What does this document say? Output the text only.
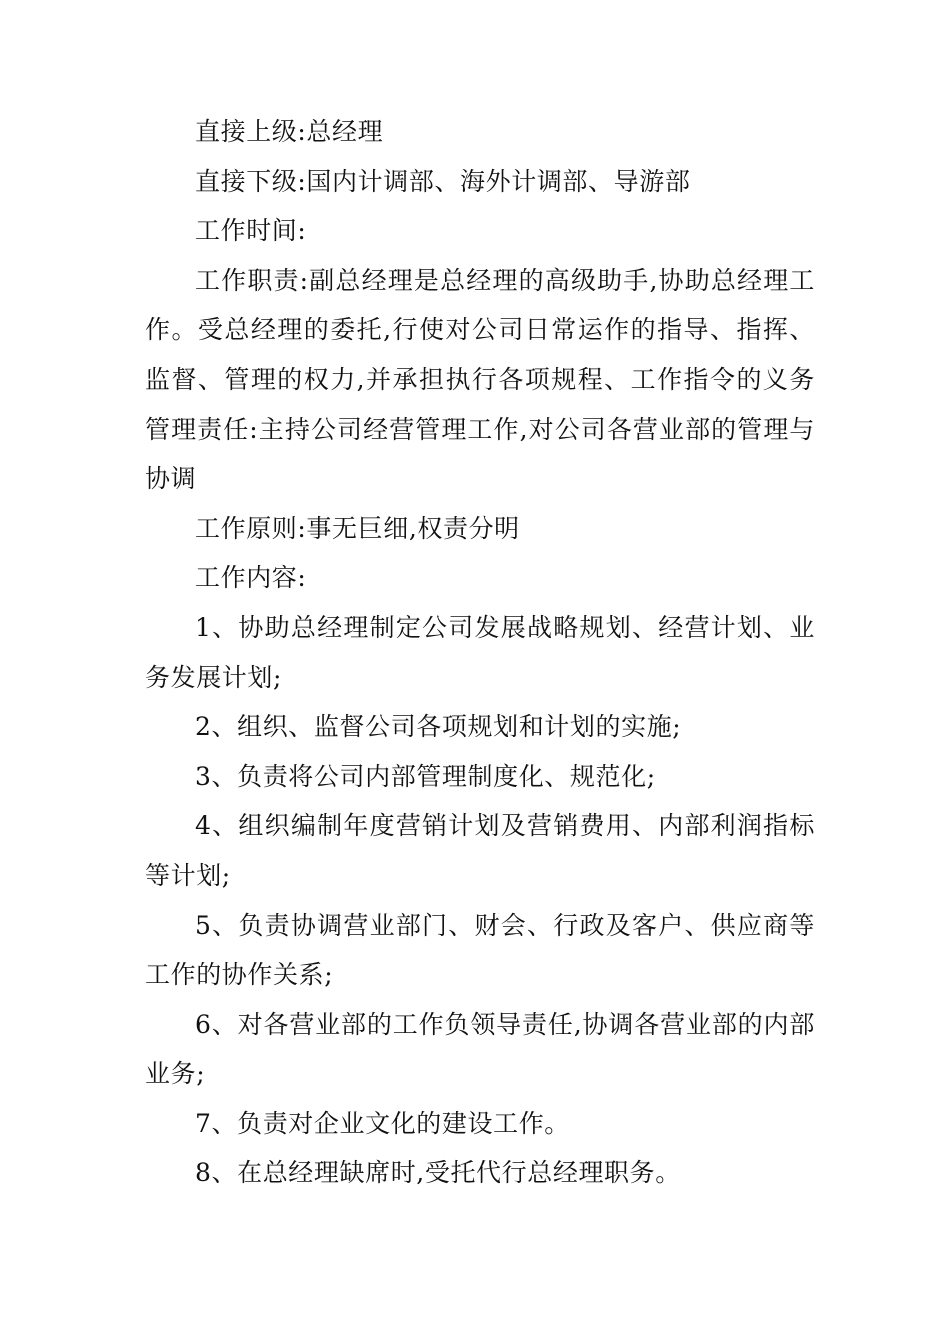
直接上级:总经理

直接下级:国内计调部、海外计调部、导游部

工作时间:

工作职责:副总经理是总经理的高级助手,协助总经理工作。受总经理的委托,行使对公司日常运作的指导、指挥、监督、管理的权力,并承担执行各项规程、工作指令的义务管理责任:主持公司经营管理工作,对公司各营业部的管理与协调

工作原则:事无巨细,权责分明

工作内容:

1、协助总经理制定公司发展战略规划、经营计划、业务发展计划;

2、组织、监督公司各项规划和计划的实施;

3、负责将公司内部管理制度化、规范化;

4、组织编制年度营销计划及营销费用、内部利润指标等计划;

5、负责协调营业部门、财会、行政及客户、供应商等工作的协作关系;

6、对各营业部的工作负领导责任,协调各营业部的内部业务;

7、负责对企业文化的建设工作。

8、在总经理缺席时,受托代行总经理职务。
